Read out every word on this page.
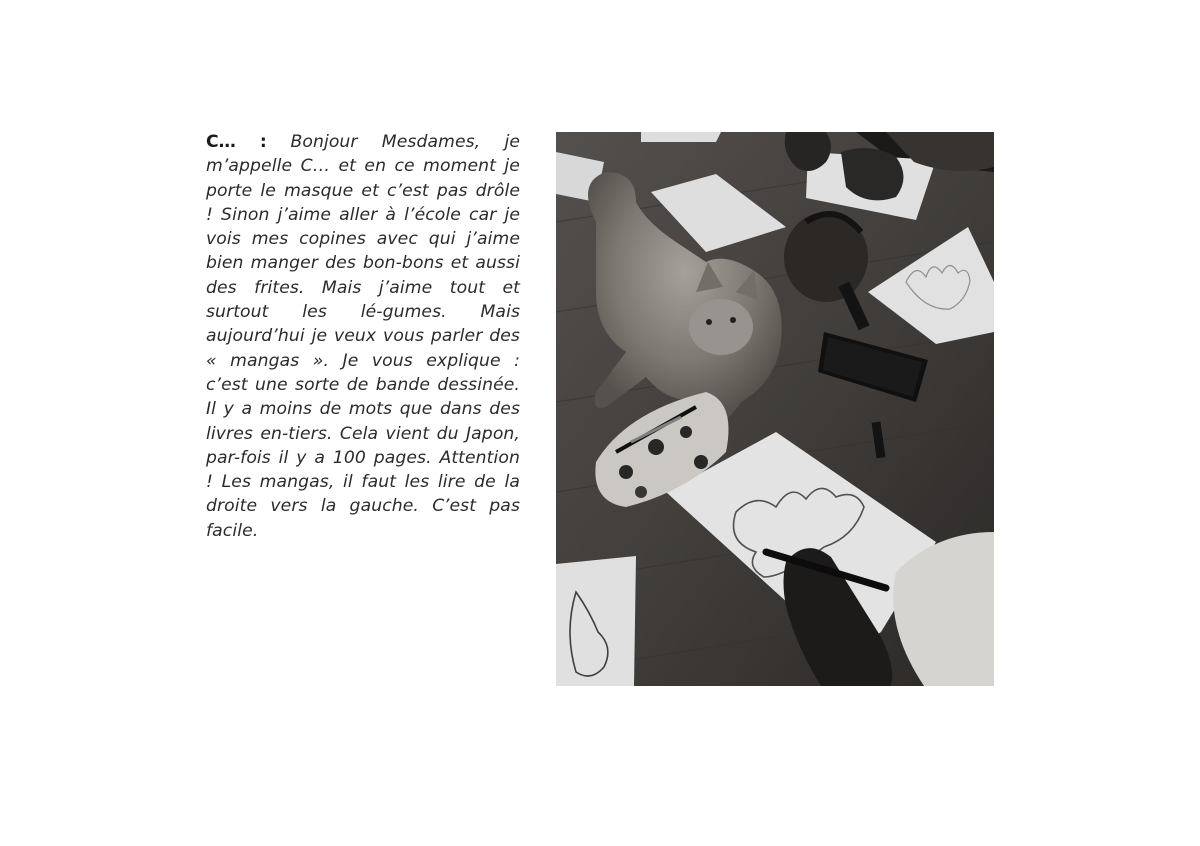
C… : Bonjour Mesdames, je m’appelle C… et en ce moment je porte le masque et c’est pas drôle ! Sinon j’aime aller à l’école car je vois mes copines avec qui j’aime bien manger des bon-bons et aussi des frites. Mais j’aime tout et surtout les lé-gumes. Mais aujourd’hui je veux vous parler des « mangas ». Je vous explique : c’est une sorte de bande dessinée. Il y a moins de mots que dans des livres en-tiers. Cela vient du Japon, par-fois il y a 100 pages. Attention ! Les mangas, il faut les lire de la droite vers la gauche. C’est pas facile.
